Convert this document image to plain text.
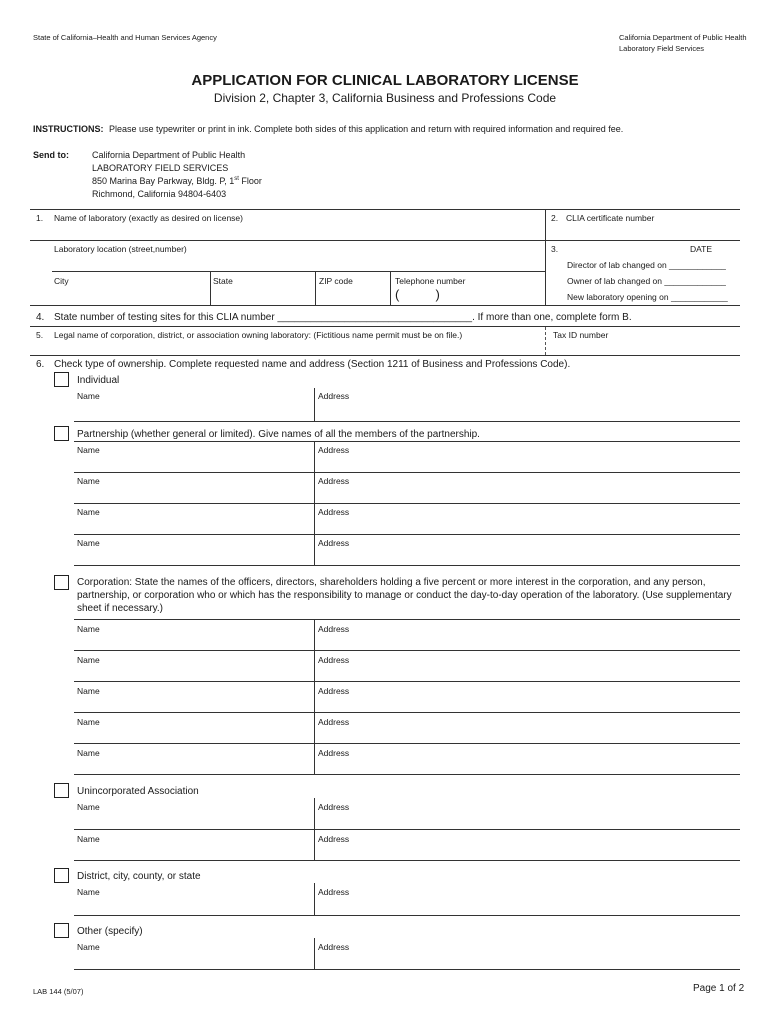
State of California–Health and Human Services Agency	California Department of Public Health
Laboratory Field Services
APPLICATION FOR CLINICAL LABORATORY LICENSE
Division 2, Chapter 3, California Business and Professions Code
INSTRUCTIONS: Please use typewriter or print in ink. Complete both sides of this application and return with required information and required fee.
Send to:	California Department of Public Health
LABORATORY FIELD SERVICES
850 Marina Bay Parkway, Bldg. P, 1st Floor
Richmond, California 94804-6403
1. Name of laboratory (exactly as desired on license)	2. CLIA certificate number
Laboratory location (street,number)	3.	DATE
Director of lab changed on ____________
Owner of lab changed on _____________
New laboratory opening on ____________
City	State	ZIP code	Telephone number
(          )
4. State number of testing sites for this CLIA number ___________________________________. If more than one, complete form B.
5. Legal name of corporation, district, or association owning laboratory: (Fictitious name permit must be on file.)	Tax ID number
6. Check type of ownership. Complete requested name and address (Section 1211 of Business and Professions Code).
Individual
Name	Address
Partnership (whether general or limited). Give names of all the members of the partnership.
Name	Address
Name	Address
Name	Address
Name	Address
Corporation: State the names of the officers, directors, shareholders holding a five percent or more interest in the corporation, and any person,
partnership, or corporation who or which has the responsibility to manage or conduct the day-to-day operation of the laboratory. (Use supplementary
sheet if necessary.)
Name	Address
Name	Address
Name	Address
Name	Address
Name	Address
Unincorporated Association
Name	Address
Name	Address
District, city, county, or state
Name	Address
Other (specify)
Name	Address
LAB 144 (5/07)	Page 1 of 2
